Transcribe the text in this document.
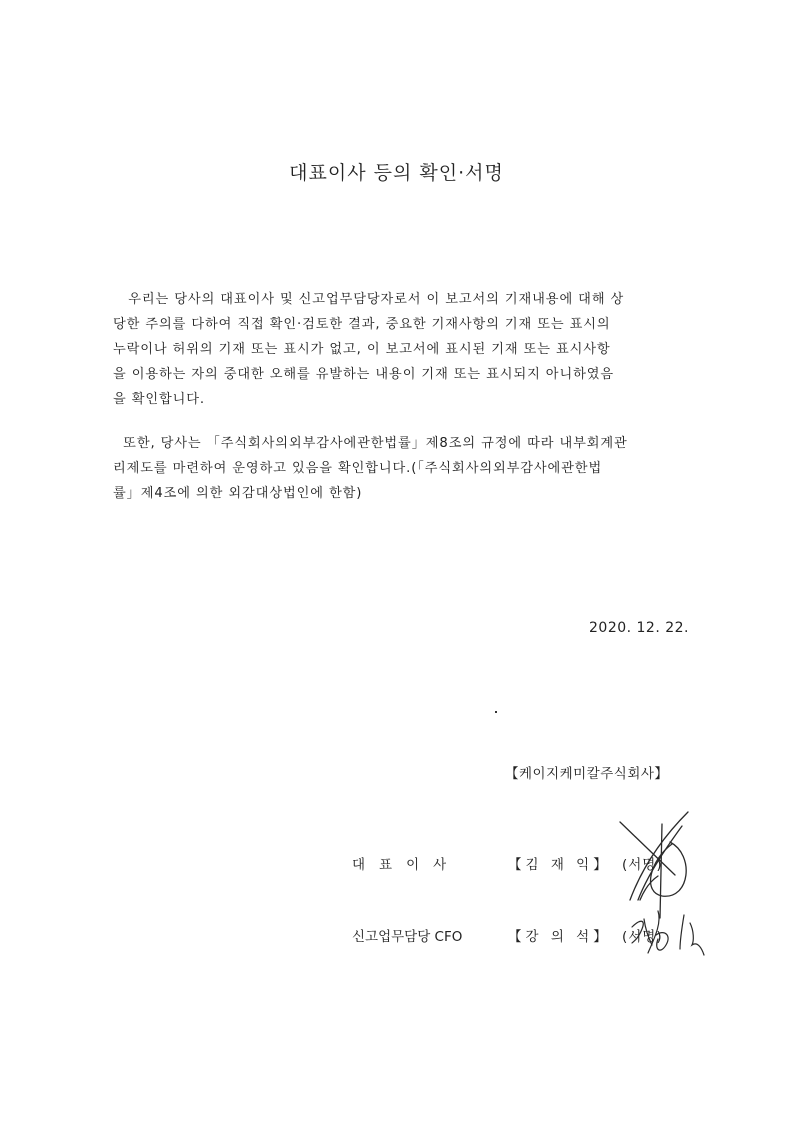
대표이사 등의 확인·서명
우리는 당사의 대표이사 및 신고업무담당자로서 이 보고서의 기재내용에 대해 상
당한 주의를 다하여 직접 확인·검토한 결과, 중요한 기재사항의 기재 또는 표시의
누락이나 허위의 기재 또는 표시가 없고, 이 보고서에 표시된 기재 또는 표시사항
을 이용하는 자의 중대한 오해를 유발하는 내용이 기재 또는 표시되지 아니하였음
을 확인합니다.
또한, 당사는 「주식회사의외부감사에관한법률」제8조의 규정에 따라 내부회계관
리제도를 마련하여 운영하고 있음을 확인합니다.(「주식회사의외부감사에관한법
률」제4조에 의한 외감대상법인에 한함)
2020. 12. 22.
【케이지케미칼주식회사】
대표이사	【김 재 익】 (서명)
신고업무담당 CFO	【강 의 석】 (서명)
